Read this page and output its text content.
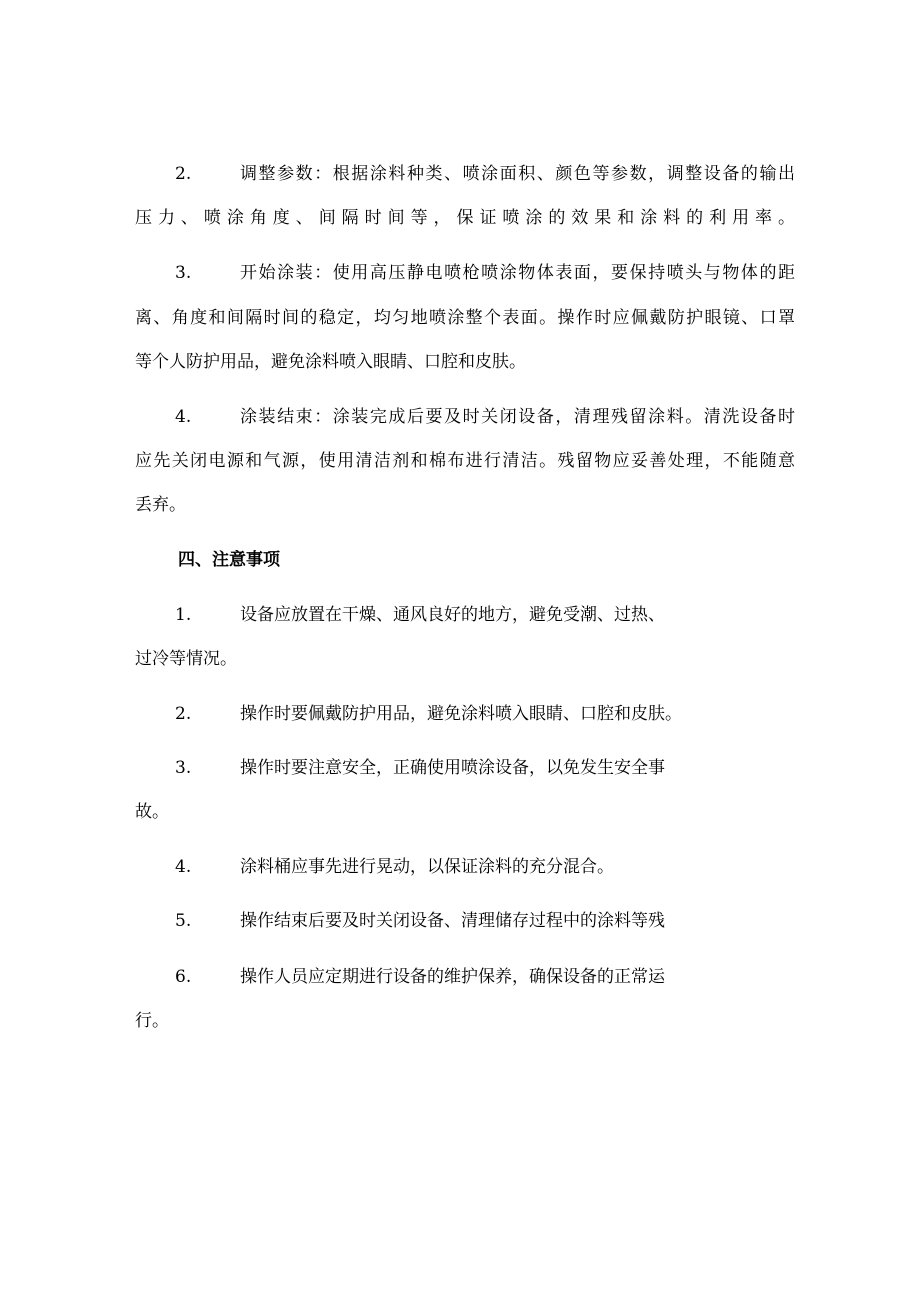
2.	调整参数：根据涂料种类、喷涂面积、颜色等参数，调整设备的输出
压力、喷涂角度、间隔时间等，保证喷涂的效果和涂料的利用率。
3.	开始涂装：使用高压静电喷枪喷涂物体表面，要保持喷头与物体的距
离、角度和间隔时间的稳定，均匀地喷涂整个表面。操作时应佩戴防护眼镜、口罩
等个人防护用品，避免涂料喷入眼睛、口腔和皮肤。
4.	涂装结束：涂装完成后要及时关闭设备，清理残留涂料。清洗设备时
应先关闭电源和气源，使用清洁剂和棉布进行清洁。残留物应妥善处理，不能随意
丢弃。
四、注意事项
1.	设备应放置在干燥、通风良好的地方，避免受潮、过热、
过冷等情况。
2.	操作时要佩戴防护用品，避免涂料喷入眼睛、口腔和皮肤。
3.	操作时要注意安全，正确使用喷涂设备，以免发生安全事
故。
4.	涂料桶应事先进行晃动，以保证涂料的充分混合。
5.	操作结束后要及时关闭设备、清理储存过程中的涂料等残
6.	操作人员应定期进行设备的维护保养，确保设备的正常运
行。
